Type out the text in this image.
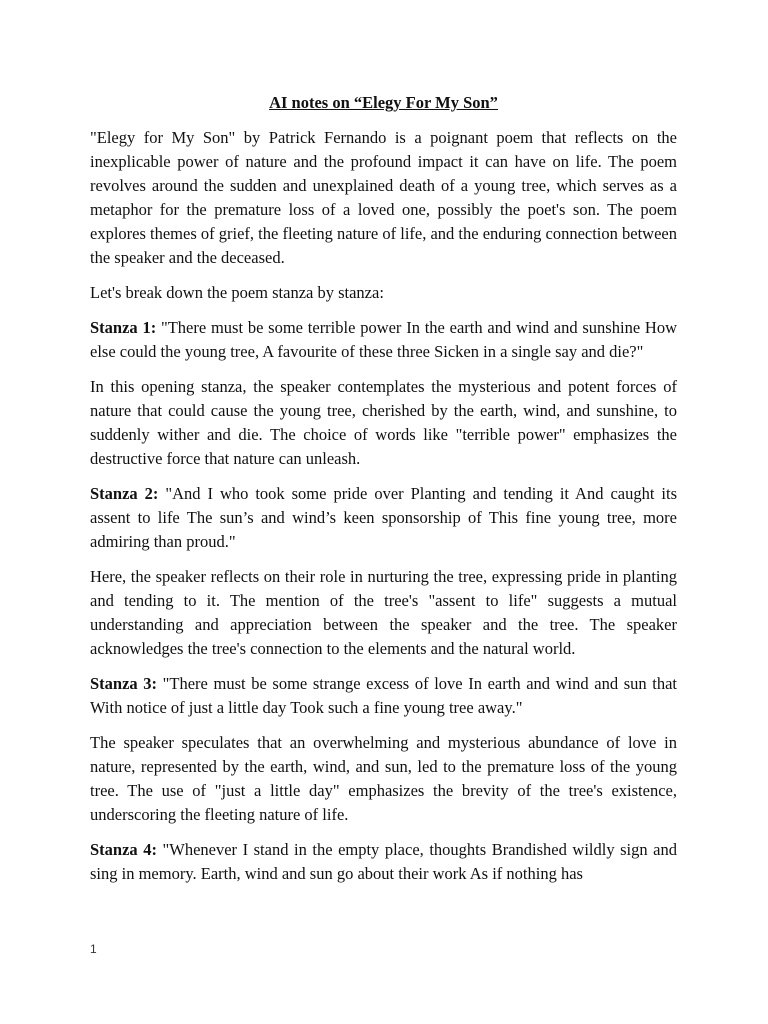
AI notes on “Elegy For My Son”

"Elegy for My Son" by Patrick Fernando is a poignant poem that reflects on the inexplicable power of nature and the profound impact it can have on life. The poem revolves around the sudden and unexplained death of a young tree, which serves as a metaphor for the premature loss of a loved one, possibly the poet's son. The poem explores themes of grief, the fleeting nature of life, and the enduring connection between the speaker and the deceased.

Let's break down the poem stanza by stanza:

Stanza 1: "There must be some terrible power In the earth and wind and sunshine How else could the young tree, A favourite of these three Sicken in a single say and die?"

In this opening stanza, the speaker contemplates the mysterious and potent forces of nature that could cause the young tree, cherished by the earth, wind, and sunshine, to suddenly wither and die. The choice of words like "terrible power" emphasizes the destructive force that nature can unleash.

Stanza 2: "And I who took some pride over Planting and tending it And caught its assent to life The sun’s and wind’s keen sponsorship of This fine young tree, more admiring than proud."

Here, the speaker reflects on their role in nurturing the tree, expressing pride in planting and tending to it. The mention of the tree's "assent to life" suggests a mutual understanding and appreciation between the speaker and the tree. The speaker acknowledges the tree's connection to the elements and the natural world.

Stanza 3: "There must be some strange excess of love In earth and wind and sun that With notice of just a little day Took such a fine young tree away."

The speaker speculates that an overwhelming and mysterious abundance of love in nature, represented by the earth, wind, and sun, led to the premature loss of the young tree. The use of "just a little day" emphasizes the brevity of the tree's existence, underscoring the fleeting nature of life.

Stanza 4: "Whenever I stand in the empty place, thoughts Brandished wildly sign and sing in memory. Earth, wind and sun go about their work As if nothing has

1
